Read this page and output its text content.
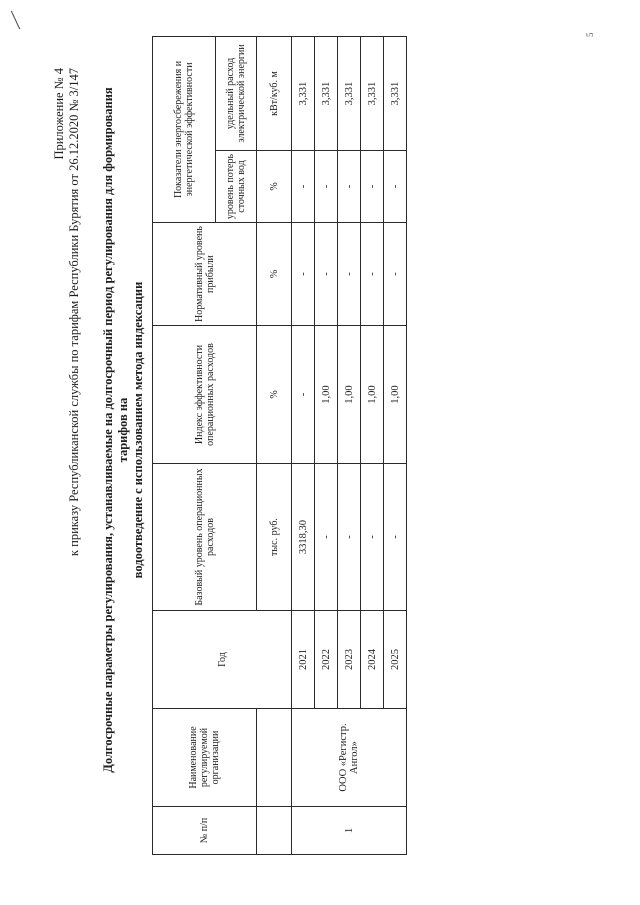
5
Приложение № 4 к приказу Республиканской службы по тарифам Республики Бурятия от 26.12.2020 № 3/147 Долгосрочные параметры регулирования, устанавливаемые на долгосрочный период регулирования для формирования тарифов на водоотведение с использованием метода индексации
№ п/п	Наименование регулируемой организации	Год	Базовый уровень операционных расходов	Индекс эффективности операционных расходов	Нормативный уровень прибыли	Показатели энергосбережения и энергетической эффективности	
						уровень потерь сточных вод	удельный расход электрической энергии
			тыс. руб.	%	%	%	кВт/куб. м
1	ООО «Регистр. Ангол»	2021	3318,30	-	-	-	3,331
		2022	-	1,00	-	-	3,331
		2023	-	1,00	-	-	3,331
		2024	-	1,00	-	-	3,331
		2025	-	1,00	-	-	3,331
